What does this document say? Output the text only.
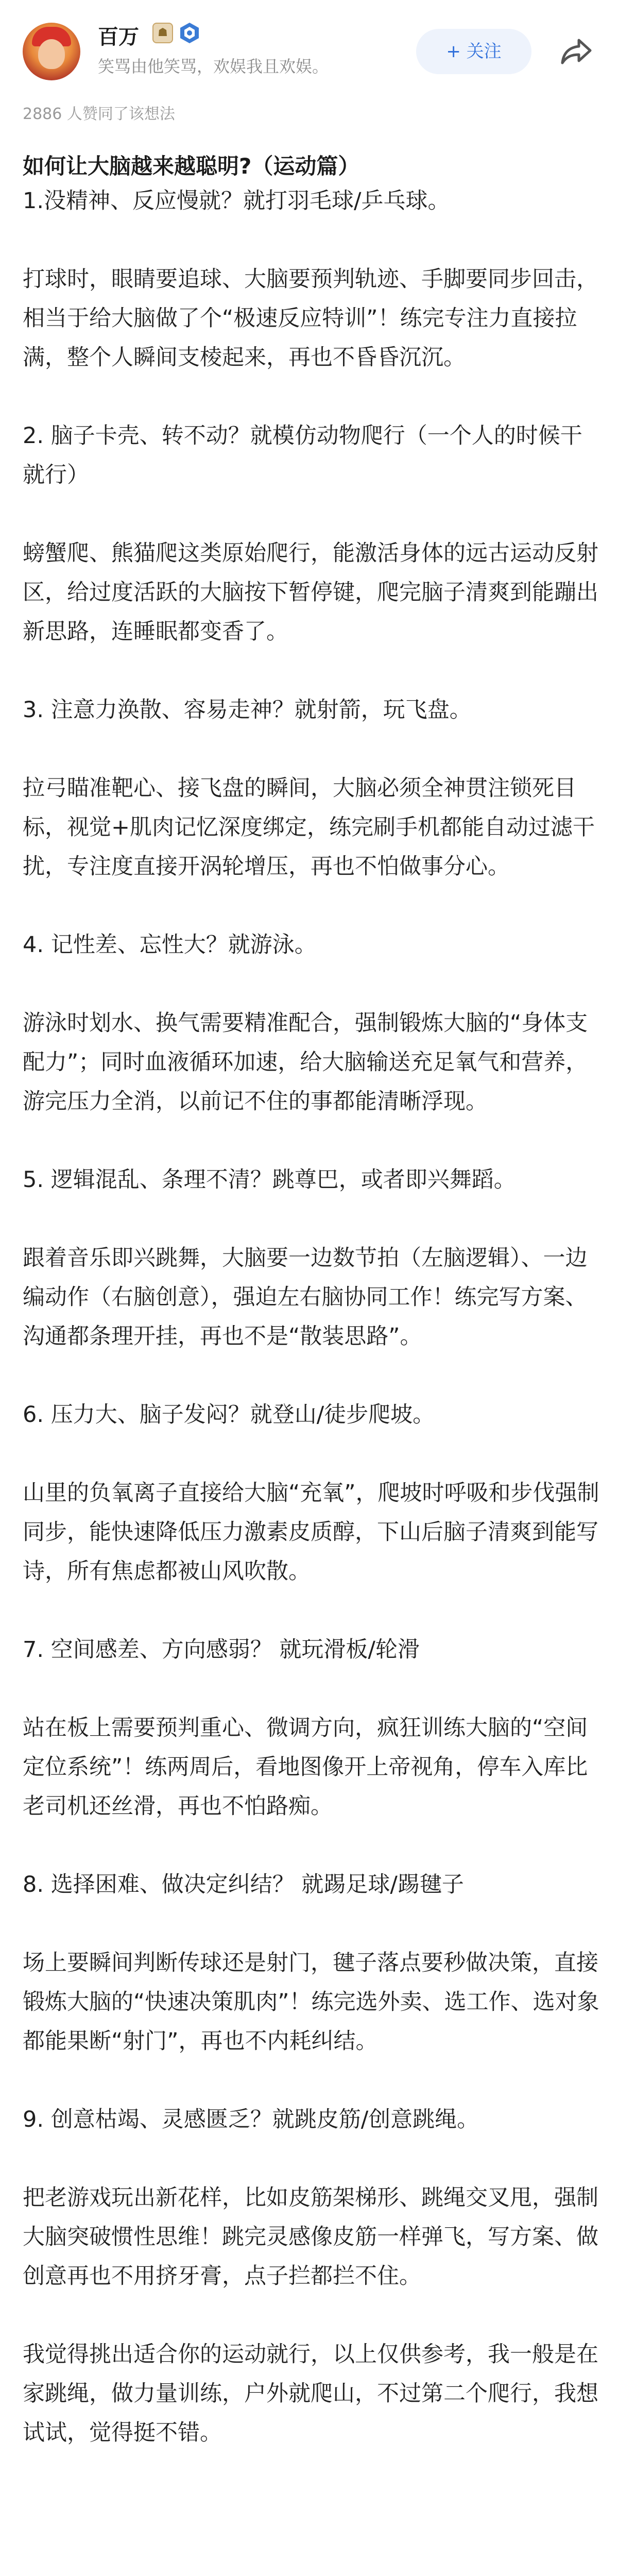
百万	☗
笑骂由他笑骂，欢娱我且欢娱。
+ 关注
2886 人赞同了该想法
如何让大脑越来越聪明?（运动篇）

1.没精神、反应慢就？就打羽毛球/乒乓球。

打球时，眼睛要追球、大脑要预判轨迹、手脚要同步回击，相当于给大脑做了个“极速反应特训”！练完专注力直接拉满，整个人瞬间支棱起来，再也不昏昏沉沉。

2. 脑子卡壳、转不动？就模仿动物爬行（一个人的时候干就行）

螃蟹爬、熊猫爬这类原始爬行，能激活身体的远古运动反射区，给过度活跃的大脑按下暂停键，爬完脑子清爽到能蹦出新思路，连睡眠都变香了。

3. 注意力涣散、容易走神？就射箭，玩飞盘。

拉弓瞄准靶心、接飞盘的瞬间，大脑必须全神贯注锁死目标，视觉+肌肉记忆深度绑定，练完刷手机都能自动过滤干扰，专注度直接开涡轮增压，再也不怕做事分心。

4. 记性差、忘性大？就游泳。

游泳时划水、换气需要精准配合，强制锻炼大脑的“身体支配力”；同时血液循环加速，给大脑输送充足氧气和营养，游完压力全消，以前记不住的事都能清晰浮现。

5. 逻辑混乱、条理不清？跳尊巴，或者即兴舞蹈。

跟着音乐即兴跳舞，大脑要一边数节拍（左脑逻辑）、一边编动作（右脑创意），强迫左右脑协同工作！练完写方案、沟通都条理开挂，再也不是“散装思路”。

6. 压力大、脑子发闷？就登山/徒步爬坡。

山里的负氧离子直接给大脑“充氧”，爬坡时呼吸和步伐强制同步，能快速降低压力激素皮质醇，下山后脑子清爽到能写诗，所有焦虑都被山风吹散。

7. 空间感差、方向感弱？ 就玩滑板/轮滑

站在板上需要预判重心、微调方向，疯狂训练大脑的“空间定位系统”！练两周后，看地图像开上帝视角，停车入库比老司机还丝滑，再也不怕路痴。

8. 选择困难、做决定纠结？ 就踢足球/踢毽子

场上要瞬间判断传球还是射门，毽子落点要秒做决策，直接锻炼大脑的“快速决策肌肉”！练完选外卖、选工作、选对象都能果断“射门”，再也不内耗纠结。

9. 创意枯竭、灵感匮乏？就跳皮筋/创意跳绳。

把老游戏玩出新花样，比如皮筋架梯形、跳绳交叉甩，强制大脑突破惯性思维！跳完灵感像皮筋一样弹飞，写方案、做创意再也不用挤牙膏，点子拦都拦不住。

我觉得挑出适合你的运动就行，以上仅供参考，我一般是在家跳绳，做力量训练，户外就爬山，不过第二个爬行，我想试试，觉得挺不错。
